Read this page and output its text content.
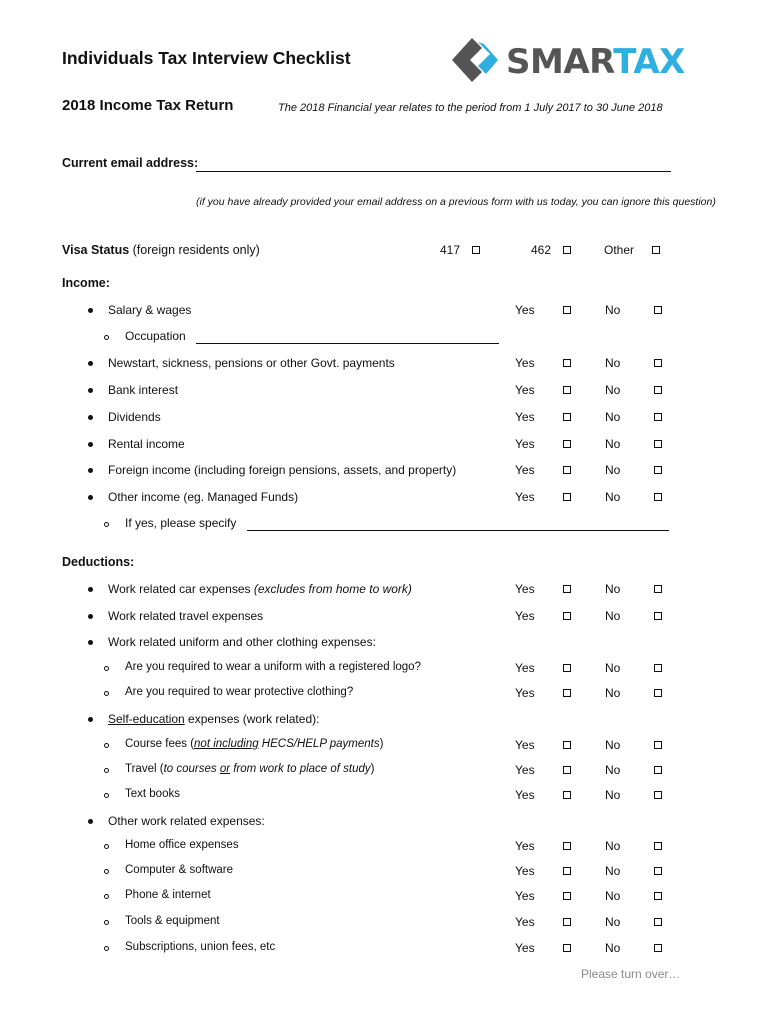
Individuals Tax Interview Checklist	SMARTAX
2018 Income Tax Return	The 2018 Financial year relates to the period from 1 July 2017 to 30 June 2018
Current email address:
(if you have already provided your email address on a previous form with us today, you can ignore this question)
Visa Status (foreign residents only)	417	462	Other
Income:
Salary & wages	Yes	No
Occupation
Newstart, sickness, pensions or other Govt. payments	Yes	No
Bank interest	Yes	No
Dividends	Yes	No
Rental income	Yes	No
Foreign income (including foreign pensions, assets, and property)	Yes	No
Other income (eg. Managed Funds)	Yes	No
If yes, please specify
Deductions:
Work related car expenses (excludes from home to work)	Yes	No
Work related travel expenses	Yes	No
Work related uniform and other clothing expenses:
Are you required to wear a uniform with a registered logo?	Yes	No
Are you required to wear protective clothing?	Yes	No
Self-education expenses (work related):
Course fees (not including HECS/HELP payments)	Yes	No
Travel (to courses or from work to place of study)	Yes	No
Text books	Yes	No
Other work related expenses:
Home office expenses	Yes	No
Computer & software	Yes	No
Phone & internet	Yes	No
Tools & equipment	Yes	No
Subscriptions, union fees, etc	Yes	No
Please turn over…
